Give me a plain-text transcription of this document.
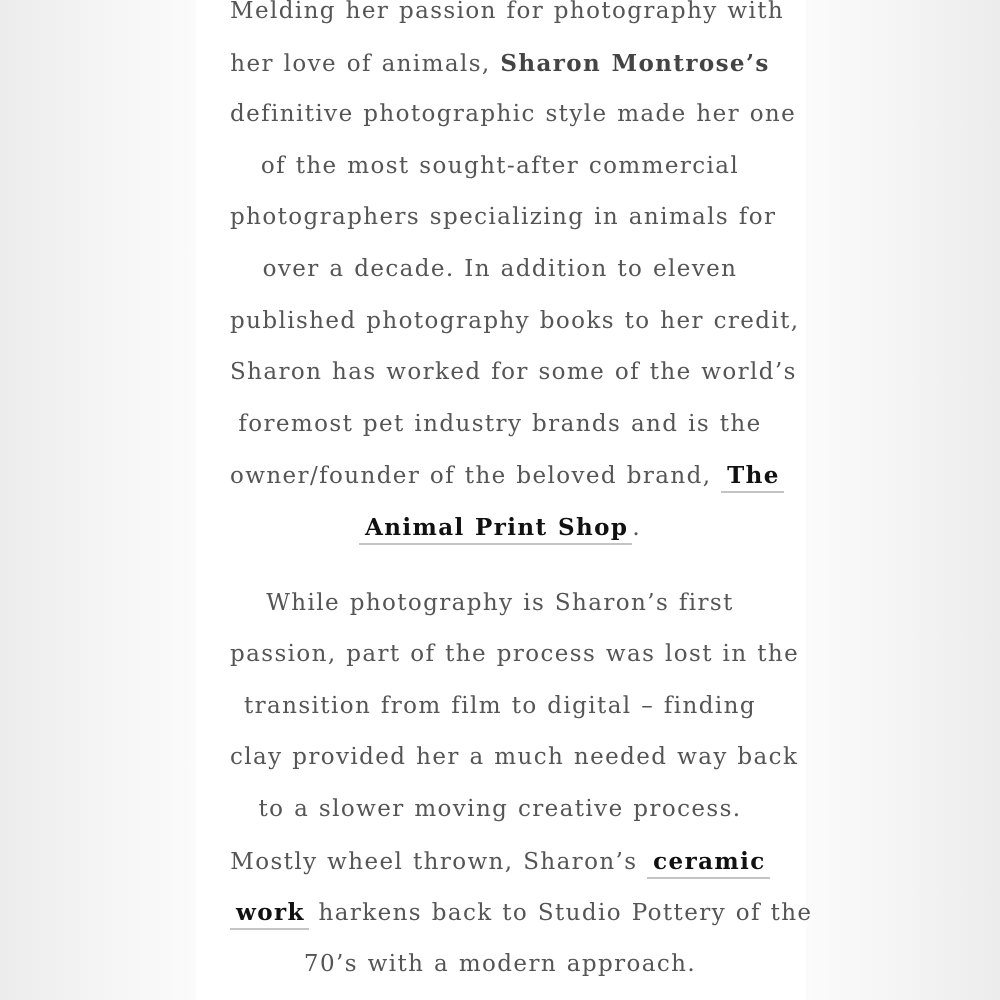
Melding her passion for photography with
her love of animals, Sharon Montrose’s
definitive photographic style made her one
of the most sought-after commercial
photographers specializing in animals for
over a decade. In addition to eleven
published photography books to her credit,
Sharon has worked for some of the world’s
foremost pet industry brands and is the
owner/founder of the beloved brand, The
Animal Print Shop .

While photography is Sharon’s first
passion, part of the process was lost in the
transition from film to digital – finding
clay provided her a much needed way back
to a slower moving creative process.
Mostly wheel thrown, Sharon’s ceramic
work harkens back to Studio Pottery of the
70’s with a modern approach.
